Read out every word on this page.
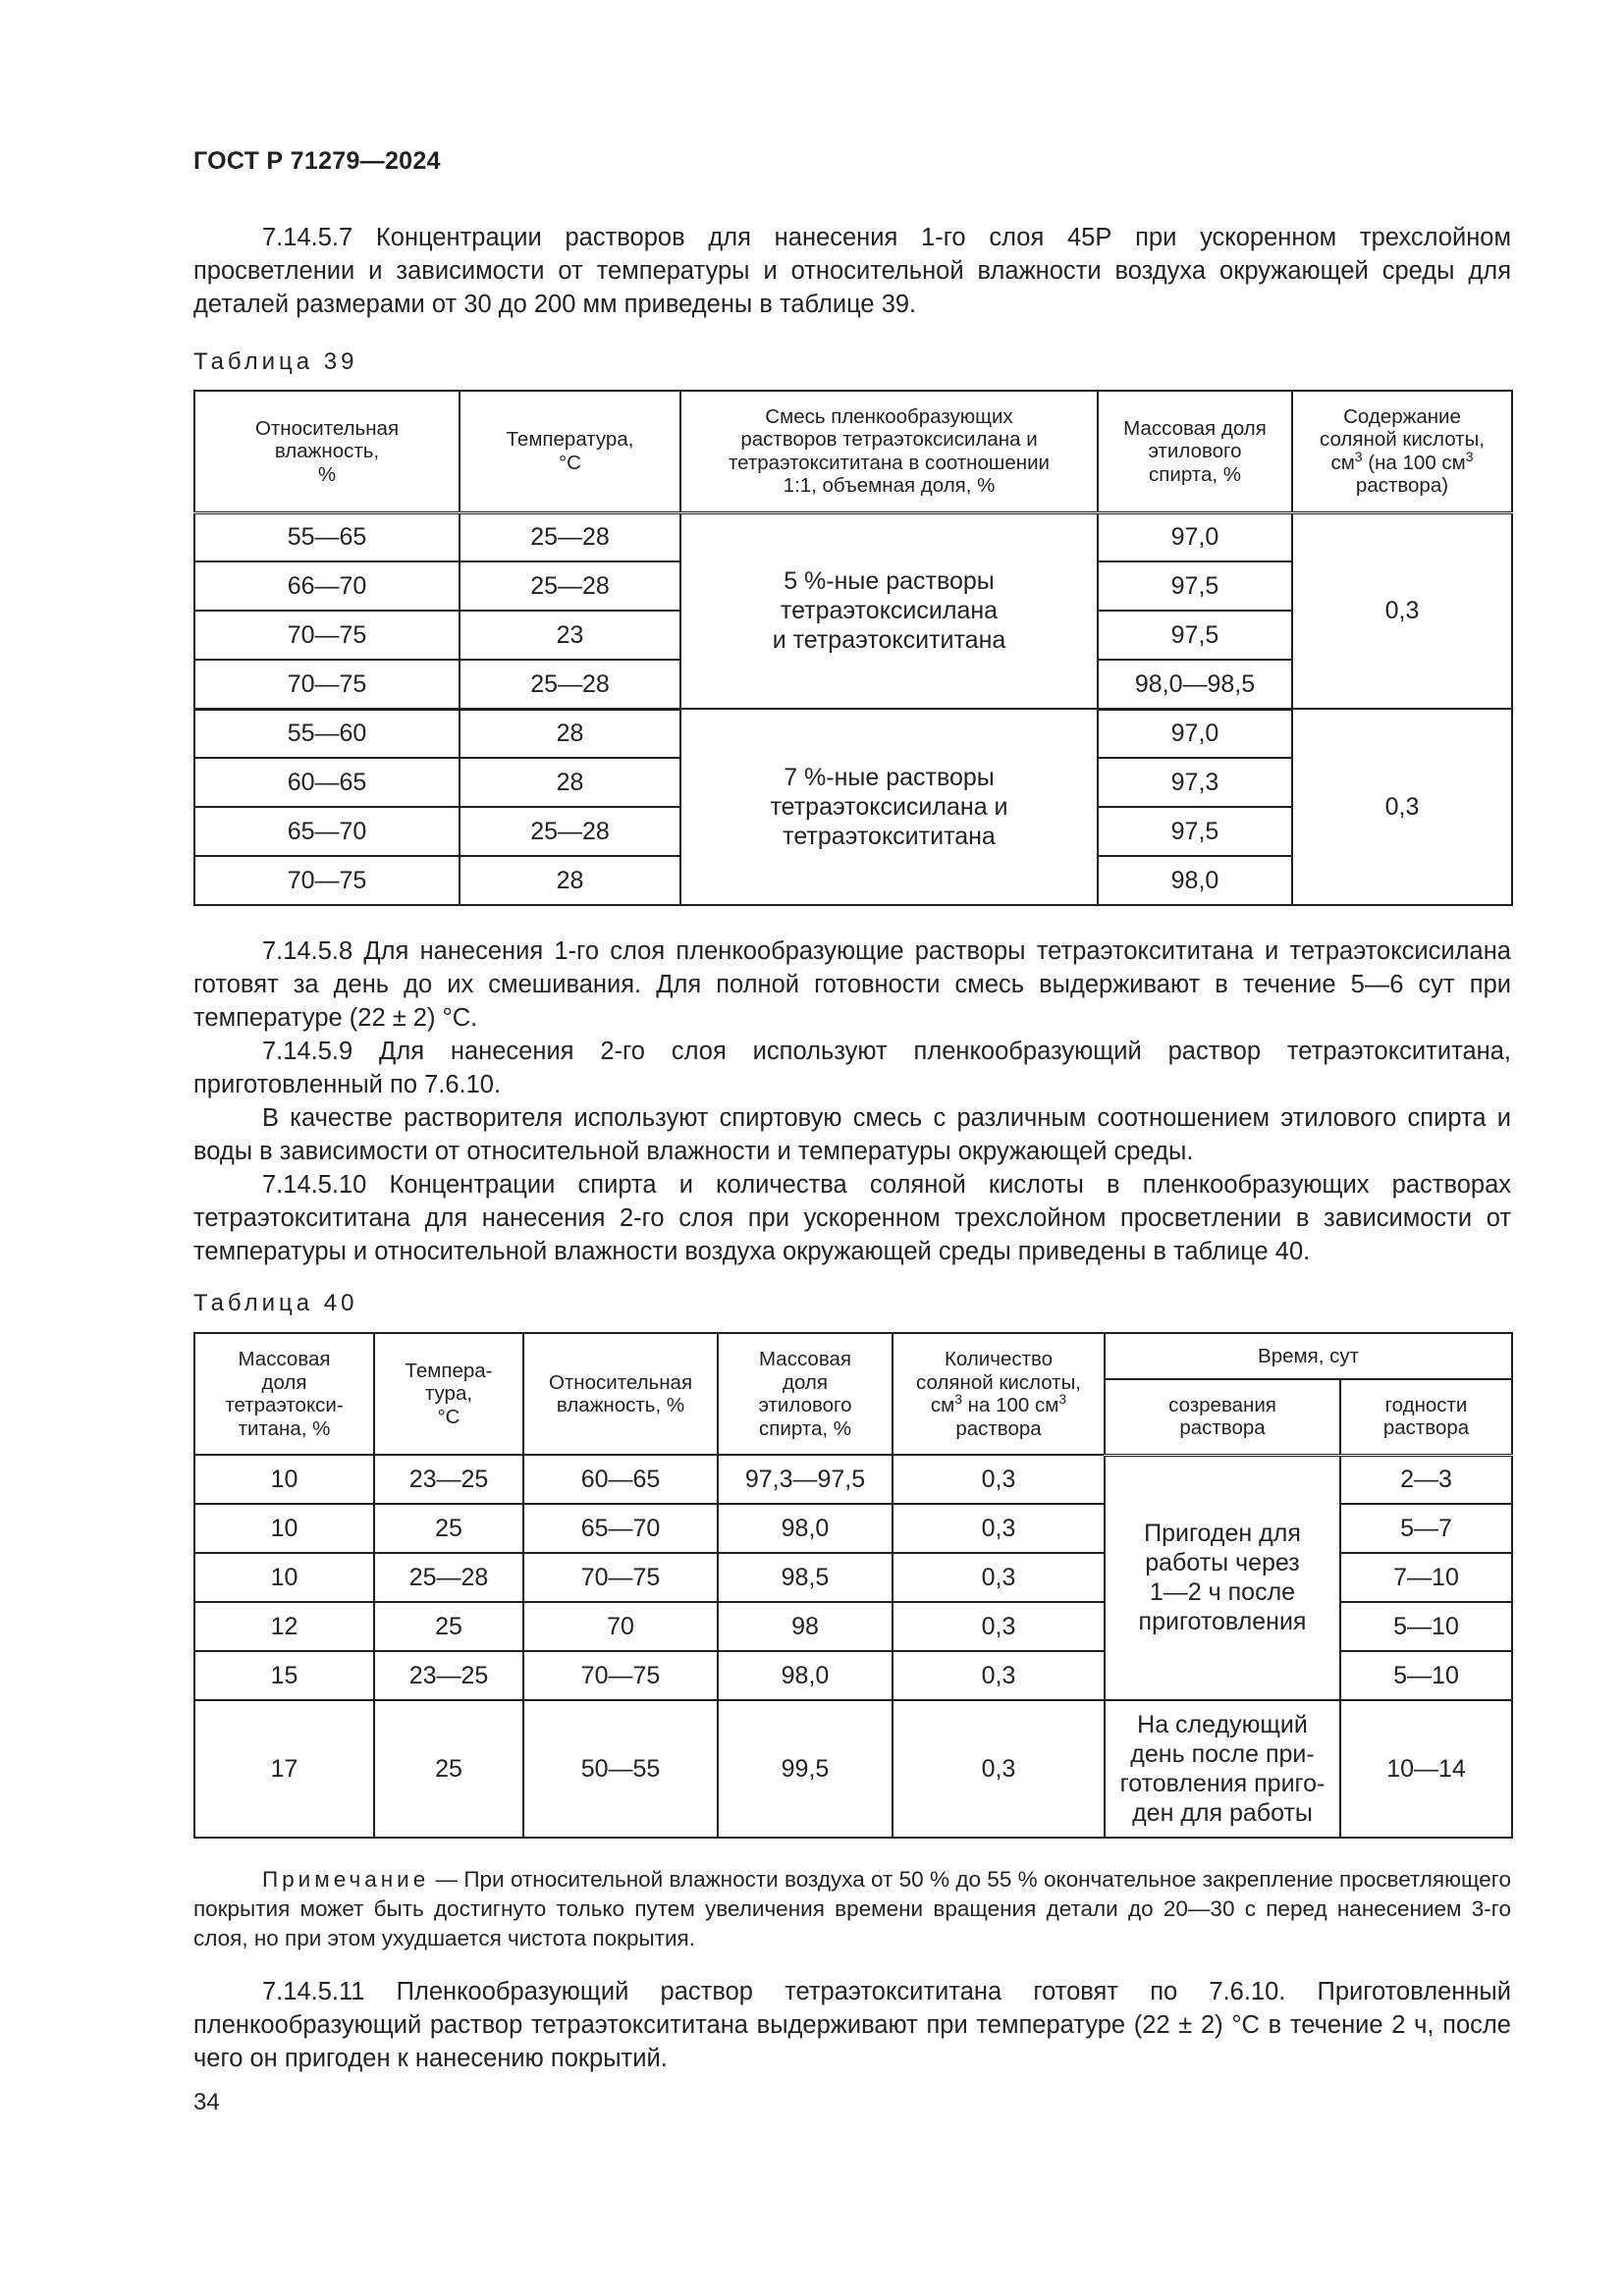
ГОСТ Р 71279—2024
7.14.5.7 Концентрации растворов для нанесения 1-го слоя 45Р при ускоренном трехслойном просветлении и зависимости от температуры и относительной влажности воздуха окружающей среды для деталей размерами от 30 до 200 мм приведены в таблице 39.
Таблица 39
Относительная
влажность,
%	Температура,
°С	Смесь пленкообразующих
растворов тетраэтоксисилана и
тетраэтоксититана в соотношении
1:1, объемная доля, %	Массовая доля
этилового
спирта, %	Содержание
соляной кислоты,
$см^3$ (на 100 $см^3$
раствора)
55—65	25—28	5 %-ные растворы
тетраэтоксисилана
и тетраэтоксититана	97,0	0,3
66—70	25—28		97,5	
70—75	23		97,5	
70—75	25—28		98,0—98,5	
55—60	28	7 %-ные растворы
тетраэтоксисилана и
тетраэтоксититана	97,0	0,3
60—65	28		97,3	
65—70	25—28		97,5	
70—75	28		98,0	
7.14.5.8 Для нанесения 1-го слоя пленкообразующие растворы тетраэтоксититана и тетраэтоксисилана готовят за день до их смешивания. Для полной готовности смесь выдерживают в течение 5—6 сут при температуре (22 ± 2) °С.
7.14.5.9 Для нанесения 2-го слоя используют пленкообразующий раствор тетраэтоксититана, приготовленный по 7.6.10.
В качестве растворителя используют спиртовую смесь с различным соотношением этилового спирта и воды в зависимости от относительной влажности и температуры окружающей среды.
7.14.5.10 Концентрации спирта и количества соляной кислоты в пленкообразующих растворах тетраэтоксититана для нанесения 2-го слоя при ускоренном трехслойном просветлении в зависимости от температуры и относительной влажности воздуха окружающей среды приведены в таблице 40.
Таблица 40
Массовая
доля
тетраэтокси-
титана, %	Темпера-
тура,
°С	Относительная
влажность, %	Массовая
доля
этилового
спирта, %	Количество
соляной кислоты,
$см^3$ на 100 $см^3$
раствора	Время, сут	
					созревания
раствора	годности
раствора
10	23—25	60—65	97,3—97,5	0,3	Пригоден для
работы через
1—2 ч после
приготовления	2—3
10	25	65—70	98,0	0,3		5—7
10	25—28	70—75	98,5	0,3		7—10
12	25	70	98	0,3		5—10
15	23—25	70—75	98,0	0,3		5—10
17	25	50—55	99,5	0,3	На следующий
день после при-
готовления приго-
ден для работы	10—14
Примечание — При относительной влажности воздуха от 50 % до 55 % окончательное закрепление просветляющего покрытия может быть достигнуто только путем увеличения времени вращения детали до 20—30 с перед нанесением 3-го слоя, но при этом ухудшается чистота покрытия.
7.14.5.11 Пленкообразующий раствор тетраэтоксититана готовят по 7.6.10. Приготовленный пленкообразующий раствор тетраэтоксититана выдерживают при температуре (22 ± 2) °С в течение 2 ч, после чего он пригоден к нанесению покрытий.
34
